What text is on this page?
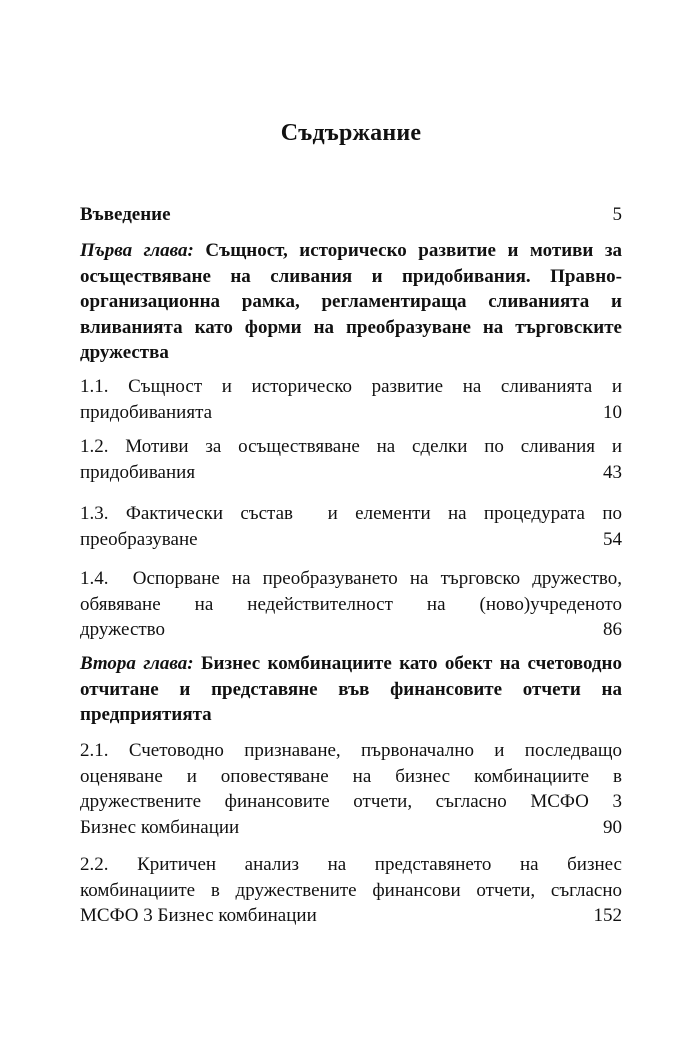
Съдържание
Въведение	5
Първа глава: Същност, историческо развитие и мотиви за
осъществяване на сливания и придобивания. Правно-
организационна рамка, регламентираща сливанията и
вливанията като форми на преобразуване на търговските
дружества
1.1. Същност и историческо развитие на сливанията и
придобиванията	10
1.2. Мотиви за осъществяване на сделки по сливания и
придобивания	43
1.3. Фактически състав  и елементи на процедурата по
преобразуване	54
1.4.  Оспорване на преобразуването на търговско дружество,
обявяване на недействителност на (ново)учреденото
дружество	86
Втора глава: Бизнес комбинациите като обект на счетоводно
отчитане и представяне във финансовите отчети на
предприятията
2.1. Счетоводно признаване, първоначално и последващо
оценяване и оповестяване на бизнес комбинациите в
дружествените финансовите отчети, съгласно МСФО 3
Бизнес комбинации	90
2.2. Критичен анализ на представянето на бизнес
комбинациите в дружествените финансови отчети, съгласно
МСФО 3 Бизнес комбинации	152
